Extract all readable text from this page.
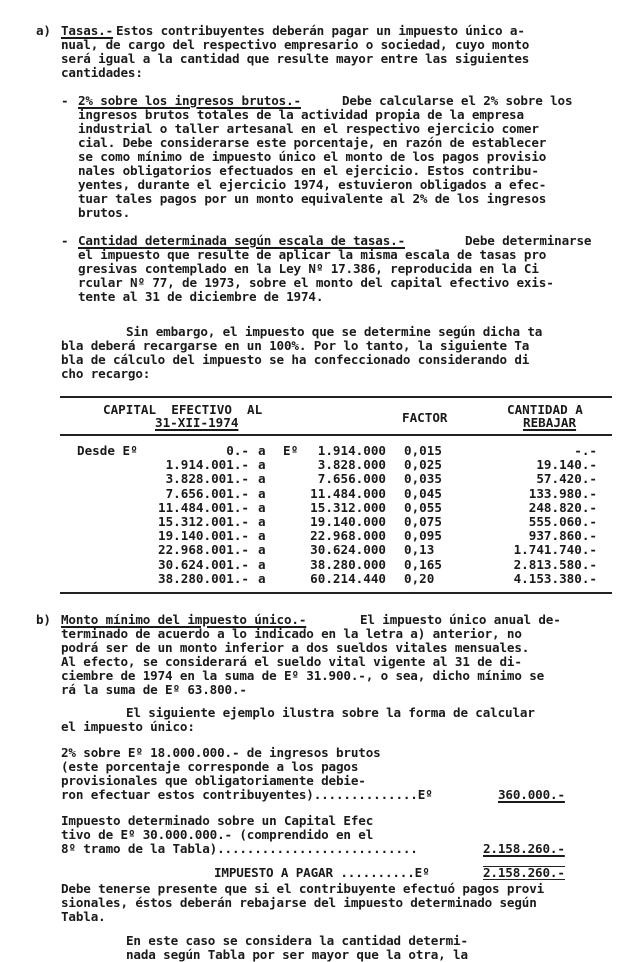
a) Tasas.- Estos contribuyentes deberán pagar un impuesto único a-
nual, de cargo del respectivo empresario o sociedad, cuyo monto
será igual a la cantidad que resulte mayor entre las siguientes
cantidades:
- 2% sobre los ingresos brutos.-	Debe calcularse el 2% sobre los
ingresos brutos totales de la actividad propia de la empresa
industrial o taller artesanal en el respectivo ejercicio comer
cial. Debe considerarse este porcentaje, en razón de establecer
se como mínimo de impuesto único el monto de los pagos provisio
nales obligatorios efectuados en el ejercicio. Estos contribu-
yentes, durante el ejercicio 1974, estuvieron obligados a efec-
tuar tales pagos por un monto equivalente al 2% de los ingresos
brutos.
- Cantidad determinada según escala de tasas.-	Debe determinarse
el impuesto que resulte de aplicar la misma escala de tasas pro
gresivas contemplado en la Ley Nº 17.386, reproducida en la Ci
rcular Nº 77, de 1973, sobre el monto del capital efectivo exis-
tente al 31 de diciembre de 1974.
Sin embargo, el impuesto que se determine según dicha ta
bla deberá recargarse en un 100%. Por lo tanto, la siguiente Ta
bla de cálculo del impuesto se ha confeccionado considerando di
cho recargo:
CAPITAL  EFECTIVO  AL
31-XII-1974	FACTOR
CANTIDAD A
REBAJAR
Desde Eº	0.- a Eº 1.914.000 0,015	-.-
1.914.001.- a	3.828.000 0,025	19.140.-
3.828.001.- a	7.656.000 0,035	57.420.-
7.656.001.- a	11.484.000 0,045	133.980.-
11.484.001.- a	15.312.000 0,055	248.820.-
15.312.001.- a	19.140.000 0,075	555.060.-
19.140.001.- a	22.968.000 0,095	937.860.-
22.968.001.- a	30.624.000 0,13	1.741.740.-
30.624.001.- a	38.280.000 0,165	2.813.580.-
38.280.001.- a	60.214.440 0,20	4.153.380.-
b) Monto mínimo del impuesto único.-	El impuesto único anual de-
terminado de acuerdo a lo indicado en la letra a) anterior, no
podrá ser de un monto inferior a dos sueldos vitales mensuales.
Al efecto, se considerará el sueldo vital vigente al 31 de di-
ciembre de 1974 en la suma de Eº 31.900.-, o sea, dicho mínimo se
rá la suma de Eº 63.800.-
El siguiente ejemplo ilustra sobre la forma de calcular
el impuesto único:
2% sobre Eº 18.000.000.- de ingresos brutos
(este porcentaje corresponde a los pagos
provisionales que obligatoriamente debie-
ron efectuar estos contribuyentes)..............Eº	360.000.-
Impuesto determinado sobre un Capital Efec
tivo de Eº 30.000.000.- (comprendido en el
8º tramo de la Tabla)...........................	2.158.260.-
IMPUESTO A PAGAR ..........Eº	2.158.260.-
Debe tenerse presente que si el contribuyente efectuó pagos provi
sionales, éstos deberán rebajarse del impuesto determinado según
Tabla.
En este caso se considera la cantidad determi-
nada según Tabla por ser mayor que la otra, la
